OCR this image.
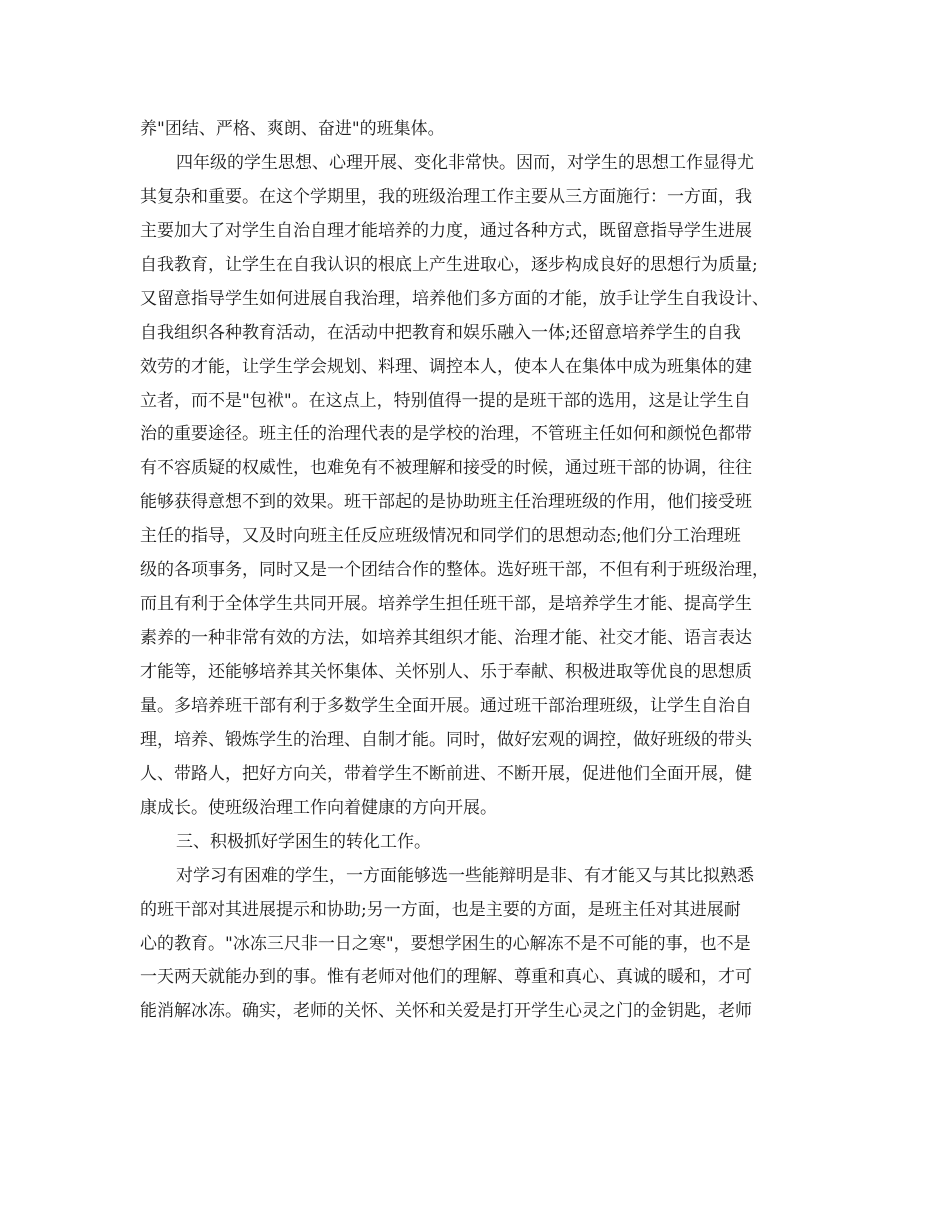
养"团结、严格、爽朗、奋进"的班集体。
四年级的学生思想、心理开展、变化非常快。因而，对学生的思想工作显得尤
其复杂和重要。在这个学期里，我的班级治理工作主要从三方面施行：一方面，我
主要加大了对学生自治自理才能培养的力度，通过各种方式，既留意指导学生进展
自我教育，让学生在自我认识的根底上产生进取心，逐步构成良好的思想行为质量;
又留意指导学生如何进展自我治理，培养他们多方面的才能，放手让学生自我设计、
自我组织各种教育活动，在活动中把教育和娱乐融入一体;还留意培养学生的自我
效劳的才能，让学生学会规划、料理、调控本人，使本人在集体中成为班集体的建
立者，而不是"包袱"。在这点上，特别值得一提的是班干部的选用，这是让学生自
治的重要途径。班主任的治理代表的是学校的治理，不管班主任如何和颜悦色都带
有不容质疑的权威性，也难免有不被理解和接受的时候，通过班干部的协调，往往
能够获得意想不到的效果。班干部起的是协助班主任治理班级的作用，他们接受班
主任的指导，又及时向班主任反应班级情况和同学们的思想动态;他们分工治理班
级的各项事务，同时又是一个团结合作的整体。选好班干部，不但有利于班级治理，
而且有利于全体学生共同开展。培养学生担任班干部，是培养学生才能、提高学生
素养的一种非常有效的方法，如培养其组织才能、治理才能、社交才能、语言表达
才能等，还能够培养其关怀集体、关怀别人、乐于奉献、积极进取等优良的思想质
量。多培养班干部有利于多数学生全面开展。通过班干部治理班级，让学生自治自
理，培养、锻炼学生的治理、自制才能。同时，做好宏观的调控，做好班级的带头
人、带路人，把好方向关，带着学生不断前进、不断开展，促进他们全面开展，健
康成长。使班级治理工作向着健康的方向开展。
三、积极抓好学困生的转化工作。
对学习有困难的学生，一方面能够选一些能辩明是非、有才能又与其比拟熟悉
的班干部对其进展提示和协助;另一方面，也是主要的方面，是班主任对其进展耐
心的教育。"冰冻三尺非一日之寒"，要想学困生的心解冻不是不可能的事，也不是
一天两天就能办到的事。惟有老师对他们的理解、尊重和真心、真诚的暖和，才可
能消解冰冻。确实，老师的关怀、关怀和关爱是打开学生心灵之门的金钥匙，老师
